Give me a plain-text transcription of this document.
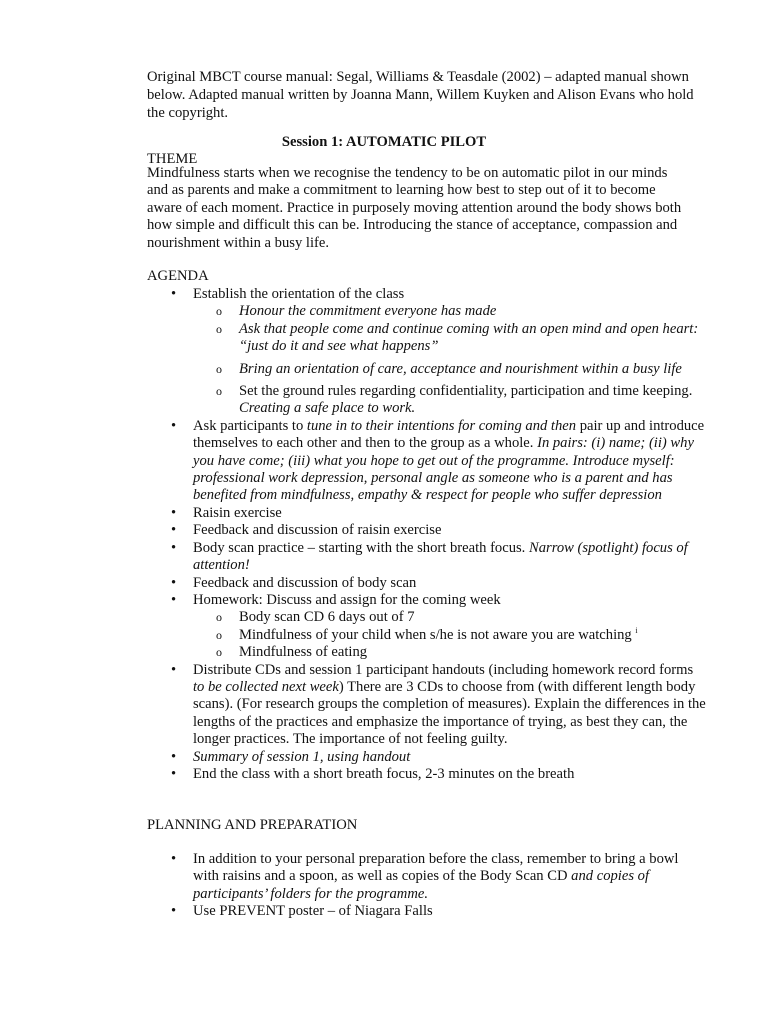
Original MBCT course manual: Segal, Williams & Teasdale (2002) – adapted manual shown below. Adapted manual written by Joanna Mann, Willem Kuyken and Alison Evans who hold the copyright.
Session 1: AUTOMATIC PILOT
THEME
Mindfulness starts when we recognise the tendency to be on automatic pilot in our minds and as parents and make a commitment to learning how best to step out of it to become aware of each moment. Practice in purposely moving attention around the body shows both how simple and difficult this can be. Introducing the stance of acceptance, compassion and nourishment within a busy life.
AGENDA
• Establish the orientation of the class
o Honour the commitment everyone has made
o Ask that people come and continue coming with an open mind and open heart: “just do it and see what happens”
o Bring an orientation of care, acceptance and nourishment within a busy life
o Set the ground rules regarding confidentiality, participation and time keeping. Creating a safe place to work.
• Ask participants to tune in to their intentions for coming and then pair up and introduce themselves to each other and then to the group as a whole. In pairs: (i) name; (ii) why you have come; (iii) what you hope to get out of the programme. Introduce myself: professional work depression, personal angle as someone who is a parent and has benefited from mindfulness, empathy & respect for people who suffer depression
• Raisin exercise
• Feedback and discussion of raisin exercise
• Body scan practice – starting with the short breath focus. Narrow (spotlight) focus of attention!
• Feedback and discussion of body scan
• Homework: Discuss and assign for the coming week
o Body scan CD 6 days out of 7
o Mindfulness of your child when s/he is not aware you are watching $^i$
o Mindfulness of eating
• Distribute CDs and session 1 participant handouts (including homework record forms to be collected next week) There are 3 CDs to choose from (with different length body scans). (For research groups the completion of measures). Explain the differences in the lengths of the practices and emphasize the importance of trying, as best they can, the longer practices. The importance of not feeling guilty.
• Summary of session 1, using handout
• End the class with a short breath focus, 2-3 minutes on the breath
PLANNING AND PREPARATION
• In addition to your personal preparation before the class, remember to bring a bowl with raisins and a spoon, as well as copies of the Body Scan CD and copies of participants’ folders for the programme.
• Use PREVENT poster – of Niagara Falls
